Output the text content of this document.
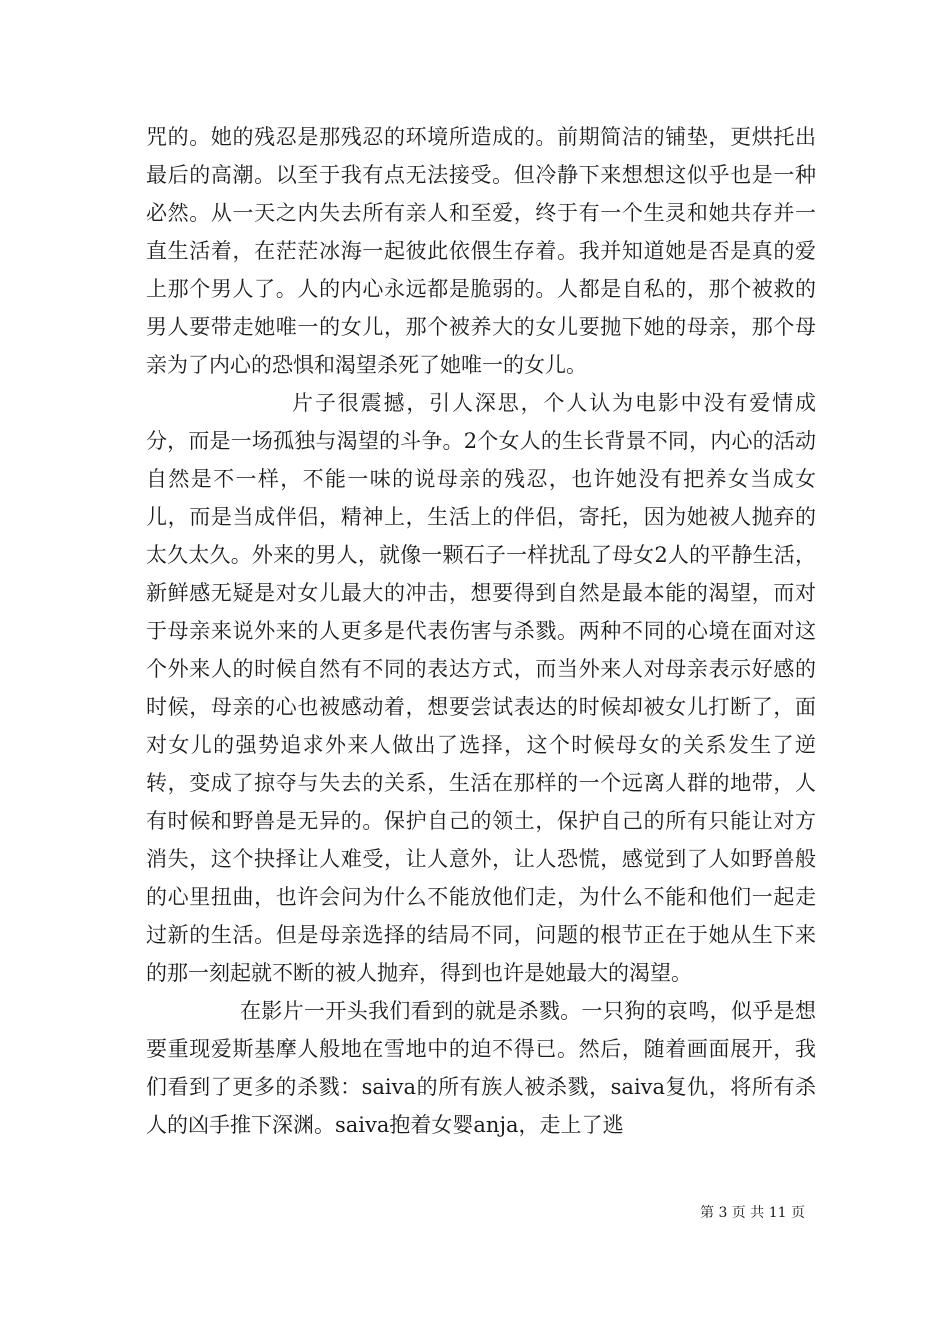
咒的。她的残忍是那残忍的环境所造成的。前期简洁的铺垫，更烘托出最后的高潮。以至于我有点无法接受。但冷静下来想想这似乎也是一种必然。从一天之内失去所有亲人和至爱，终于有一个生灵和她共存并一直生活着，在茫茫冰海一起彼此依偎生存着。我并知道她是否是真的爱上那个男人了。人的内心永远都是脆弱的。人都是自私的，那个被救的男人要带走她唯一的女儿，那个被养大的女儿要抛下她的母亲，那个母亲为了内心的恐惧和渴望杀死了她唯一的女儿。

片子很震撼，引人深思，个人认为电影中没有爱情成分，而是一场孤独与渴望的斗争。2个女人的生长背景不同，内心的活动自然是不一样，不能一味的说母亲的残忍，也许她没有把养女当成女儿，而是当成伴侣，精神上，生活上的伴侣，寄托，因为她被人抛弃的太久太久。外来的男人，就像一颗石子一样扰乱了母女2人的平静生活，新鲜感无疑是对女儿最大的冲击，想要得到自然是最本能的渴望，而对于母亲来说外来的人更多是代表伤害与杀戮。两种不同的心境在面对这个外来人的时候自然有不同的表达方式，而当外来人对母亲表示好感的时候，母亲的心也被感动着，想要尝试表达的时候却被女儿打断了，面对女儿的强势追求外来人做出了选择，这个时候母女的关系发生了逆转，变成了掠夺与失去的关系，生活在那样的一个远离人群的地带，人有时候和野兽是无异的。保护自己的领土，保护自己的所有只能让对方消失，这个抉择让人难受，让人意外，让人恐慌，感觉到了人如野兽般的心里扭曲，也许会问为什么不能放他们走，为什么不能和他们一起走过新的生活。但是母亲选择的结局不同，问题的根节正在于她从生下来的那一刻起就不断的被人抛弃，得到也许是她最大的渴望。

在影片一开头我们看到的就是杀戮。一只狗的哀鸣，似乎是想要重现爱斯基摩人般地在雪地中的迫不得已。然后，随着画面展开，我们看到了更多的杀戮：saiva的所有族人被杀戮，saiva复仇，将所有杀人的凶手推下深渊。saiva抱着女婴anja，走上了逃

第 3 页 共 11 页
